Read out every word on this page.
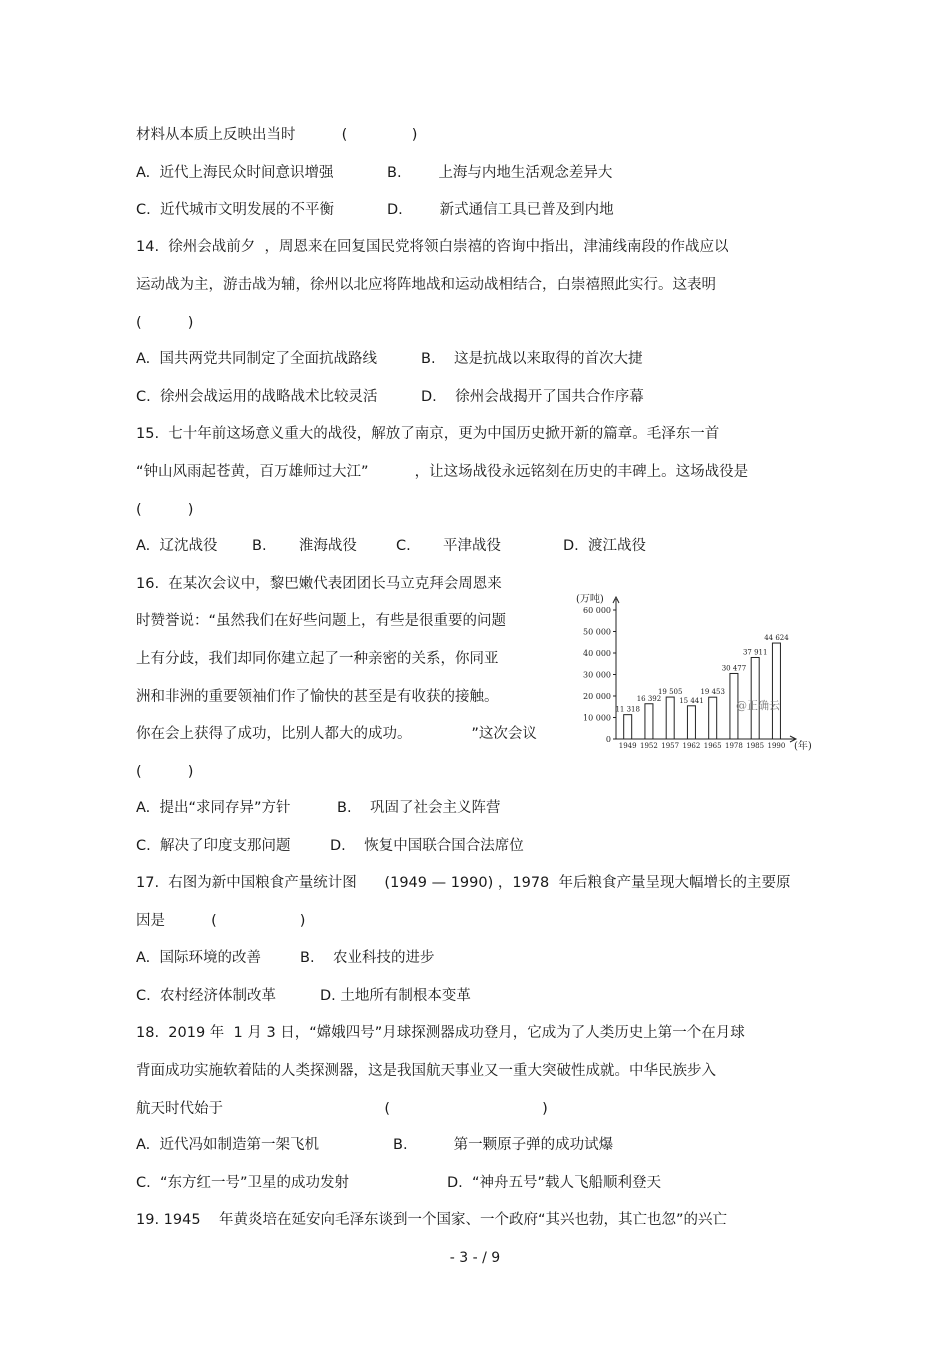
材料从本质上反映出当时          (              )
A. 近代上海民众时间意识增强	B.	上海与内地生活观念差异大
C. 近代城市文明发展的不平衡	D.	新式通信工具已普及到内地
14.  徐州会战前夕  ，周恩来在回复国民党将领白崇禧的咨询中指出，津浦线南段的作战应以
运动战为主，游击战为辅，徐州以北应将阵地战和运动战相结合，白崇禧照此实行。这表明
(          )
A. 国共两党共同制定了全面抗战路线	B. 这是抗战以来取得的首次大捷
C. 徐州会战运用的战略战术比较灵活	D. 徐州会战揭开了国共合作序幕
15.  七十年前这场意义重大的战役，解放了南京，更为中国历史掀开新的篇章。毛泽东一首
“钟山风雨起苍黄，百万雄师过大江”          ，让这场战役永远铭刻在历史的丰碑上。这场战役是
(          )
A. 辽沈战役 B. 淮海战役	C. 平津战役	D. 渡江战役
16.  在某次会议中，黎巴嫩代表团团长马立克拜会周恩来
时赞誉说：“虽然我们在好些问题上，有些是很重要的问题
上有分歧，我们却同你建立起了一种亲密的关系，你同亚
洲和非洲的重要领袖们作了愉快的甚至是有收获的接触。
你在会上获得了成功，比别人都大的成功。             ”这次会议
(          )
A. 提出“求同存异”方针	B. 巩固了社会主义阵营
C. 解决了印度支那问题	D. 恢复中国联合国合法席位
0
10 000
20 000
30 000
40 000
50 000
60 000
(万吨)
(年)
11 318
1949
16 392
1952
19 505
1957
15 441
1962
19 453
1965
30 477
1978
37 911
1985
44 624
1990
@正确云
17.  右图为新中国粮食产量统计图      (1949 — 1990) ，1978  年后粮食产量呈现大幅增长的主要原
因是          (                  )
A. 国际环境的改善	B. 农业科技的进步
C. 农村经济体制改革	D. 土地所有制根本变革
18.  2019 年  1 月 3 日，“嫦娥四号”月球探测器成功登月，它成为了人类历史上第一个在月球
背面成功实施软着陆的人类探测器，这是我国航天事业又一重大突破性成就。中华民族步入
航天时代始于                                   (                                 )
A. 近代冯如制造第一架飞机	B.	第一颗原子弹的成功试爆
C. “东方红一号”卫星的成功发射	D. “神舟五号”载人飞船顺利登天
19. 1945    年黄炎培在延安向毛泽东谈到一个国家、一个政府“其兴也勃，其亡也忽”的兴亡
- 3 - / 9
